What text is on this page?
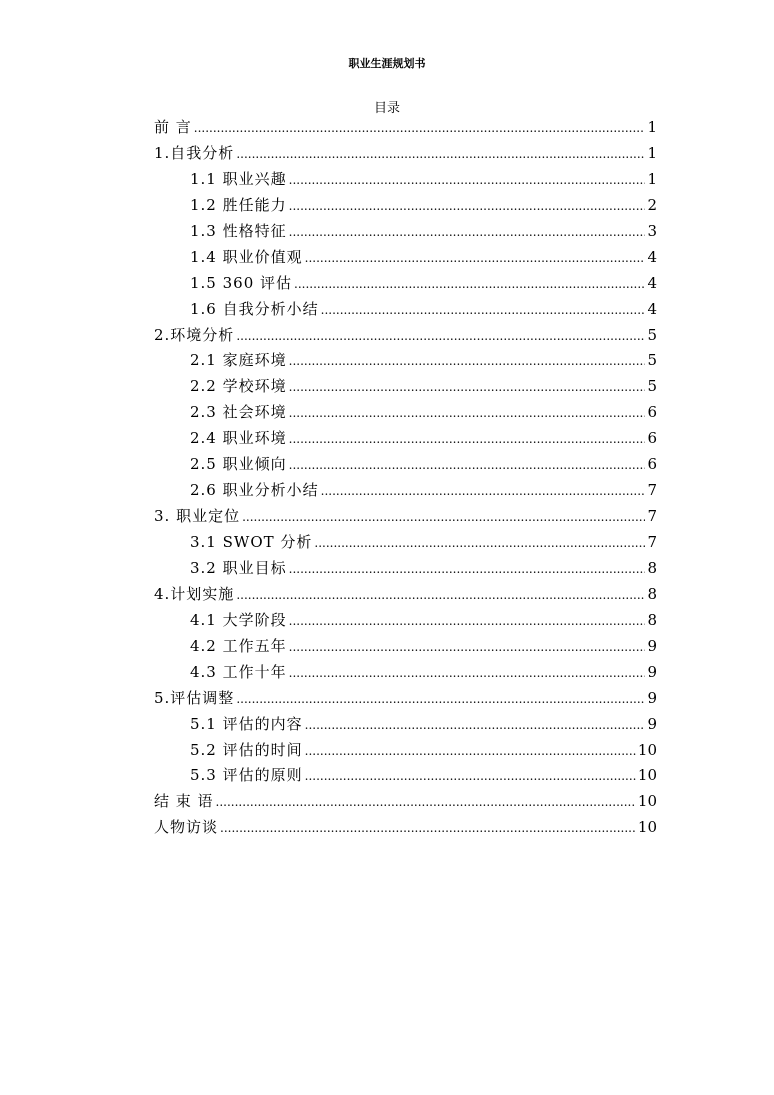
职业生涯规划书
目录
前 言 .....	1
1.自我分析 .....	1
1.1 职业兴趣 .....	1
1.2 胜任能力 .....	2
1.3 性格特征 .....	3
1.4 职业价值观 .....	4
1.5 360 评估 .....	4
1.6 自我分析小结 .....	4
2.环境分析 .....	5
2.1 家庭环境 .....	5
2.2 学校环境 .....	5
2.3 社会环境 .....	6
2.4 职业环境 .....	6
2.5 职业倾向 .....	6
2.6 职业分析小结 .....	7
3. 职业定位 .....	7
3.1 SWOT 分析 .....	7
3.2 职业目标 .....	8
4.计划实施 .....	8
4.1 大学阶段 .....	8
4.2 工作五年 .....	9
4.3 工作十年 .....	9
5.评估调整 .....	9
5.1 评估的内容 .....	9
5.2 评估的时间 .....	10
5.3 评估的原则 .....	10
结 束 语 .....	10
人物访谈 .....	10
